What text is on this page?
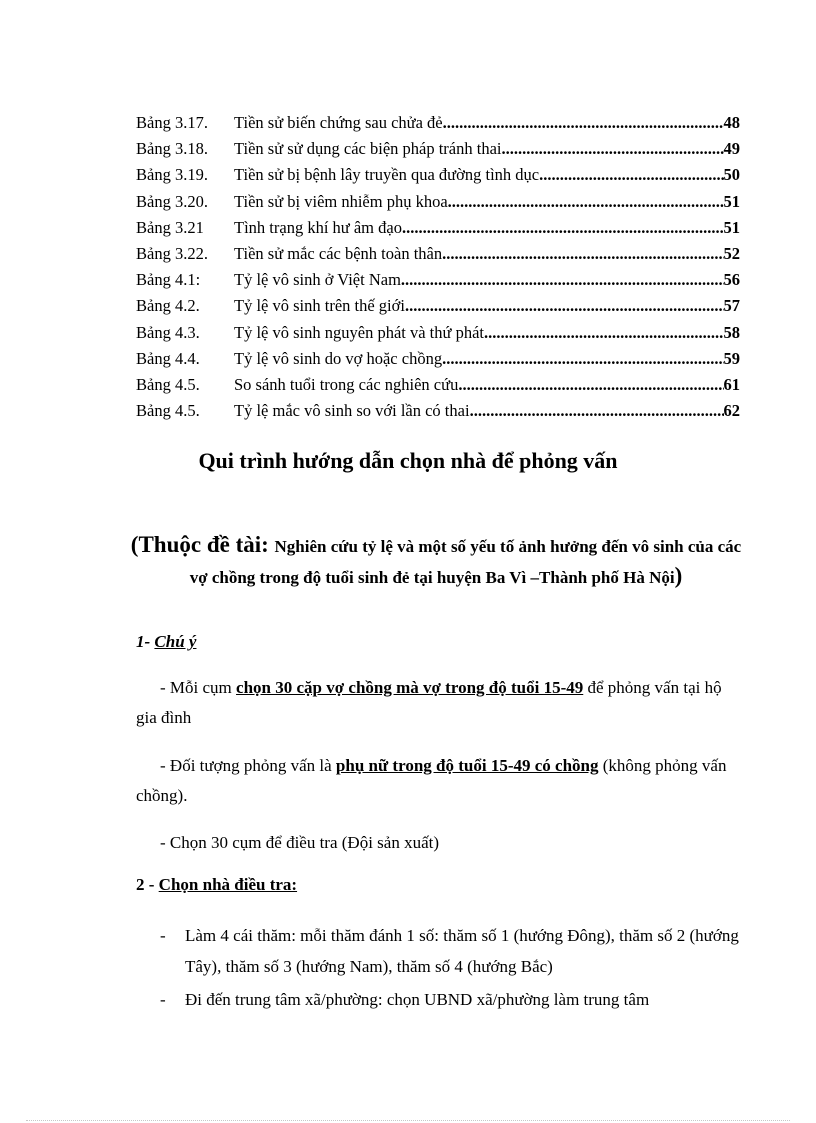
Bảng 3.17.	Tiền sử biến chứng sau chửa đẻ .....	48
Bảng 3.18.	Tiền sử sử dụng các biện pháp tránh thai .....	49
Bảng 3.19.	Tiền sử bị bệnh lây truyền qua đường tình dục .....	50
Bảng 3.20.	Tiền sử bị viêm nhiễm phụ khoa .....	51
Bảng 3.21	Tình trạng khí hư âm đạo .....	51
Bảng 3.22.	Tiền sử mắc các bệnh toàn thân .....	52
Bảng 4.1:	Tỷ lệ vô sinh ở Việt Nam .....	56
Bảng 4.2.	Tỷ lệ vô sinh trên thế giới .....	57
Bảng 4.3.	Tỷ lệ vô sinh nguyên phát và thứ phát .....	58
Bảng 4.4.	Tỷ lệ vô sinh do vợ hoặc chồng .....	59
Bảng 4.5.	So sánh tuổi trong các nghiên cứu .....	61
Bảng 4.5.	Tỷ lệ mắc vô sinh so với lần có thai .....	62
Qui trình hướng dẫn chọn nhà để phỏng vấn
(Thuộc đề tài: Nghiên cứu tỷ lệ và một số yếu tố ảnh hưởng đến vô sinh của các vợ chồng trong độ tuổi sinh đẻ tại huyện Ba Vì –Thành phố Hà Nội)
1- Chú ý
- Mỗi cụm chọn 30 cặp vợ chồng mà vợ trong độ tuổi 15-49 để phỏng vấn tại hộ gia đình
- Đối tượng phỏng vấn là phụ nữ trong độ tuổi 15-49 có chồng (không phỏng vấn chồng).
- Chọn 30 cụm để điều tra (Đội sản xuất)
2 - Chọn nhà điều tra:
-	Làm 4 cái thăm: mỗi thăm đánh 1 số: thăm số 1 (hướng Đông), thăm số 2 (hướng Tây), thăm số 3 (hướng Nam), thăm số 4 (hướng Bắc)
-	Đi đến trung tâm xã/phường: chọn UBND xã/phường làm trung tâm
